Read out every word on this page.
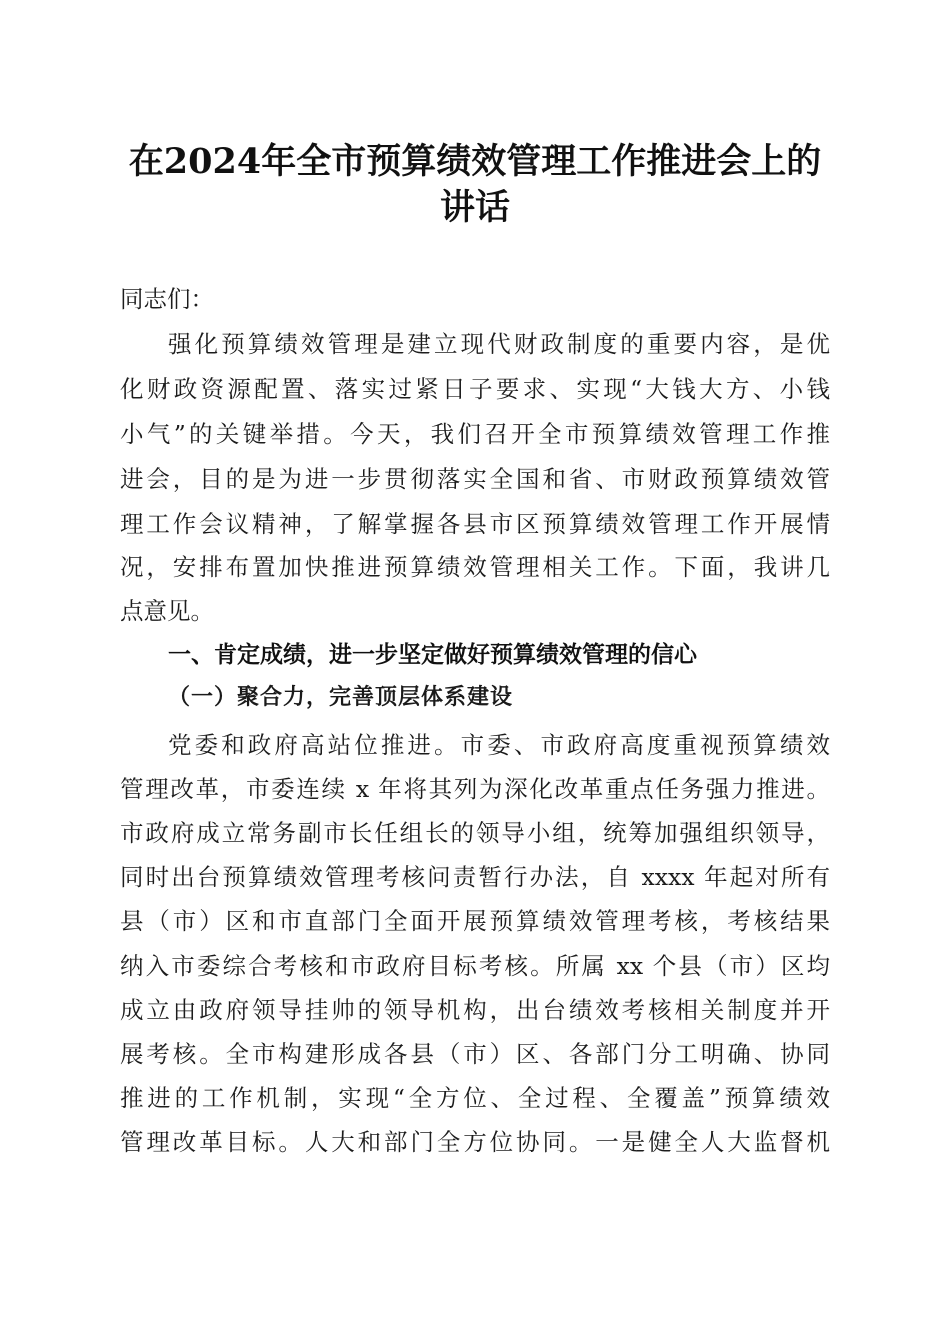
在2024年全市预算绩效管理工作推进会上的
讲话

同志们：

强化预算绩效管理是建立现代财政制度的重要内容，是优

化财政资源配置、落实过紧日子要求、实现“大钱大方、小钱

小气”的关键举措。今天，我们召开全市预算绩效管理工作推

进会，目的是为进一步贯彻落实全国和省、市财政预算绩效管

理工作会议精神，了解掌握各县市区预算绩效管理工作开展情

况，安排布置加快推进预算绩效管理相关工作。下面，我讲几

点意见。

一、肯定成绩，进一步坚定做好预算绩效管理的信心
（一）聚合力，完善顶层体系建设

党委和政府高站位推进。市委、市政府高度重视预算绩效

管理改革，市委连续 x 年将其列为深化改革重点任务强力推进。

市政府成立常务副市长任组长的领导小组，统筹加强组织领导，

同时出台预算绩效管理考核问责暂行办法，自 xxxx 年起对所有

县（市）区和市直部门全面开展预算绩效管理考核，考核结果

纳入市委综合考核和市政府目标考核。所属 xx 个县（市）区均

成立由政府领导挂帅的领导机构，出台绩效考核相关制度并开

展考核。全市构建形成各县（市）区、各部门分工明确、协同

推进的工作机制，实现“全方位、全过程、全覆盖”预算绩效

管理改革目标。人大和部门全方位协同。一是健全人大监督机
